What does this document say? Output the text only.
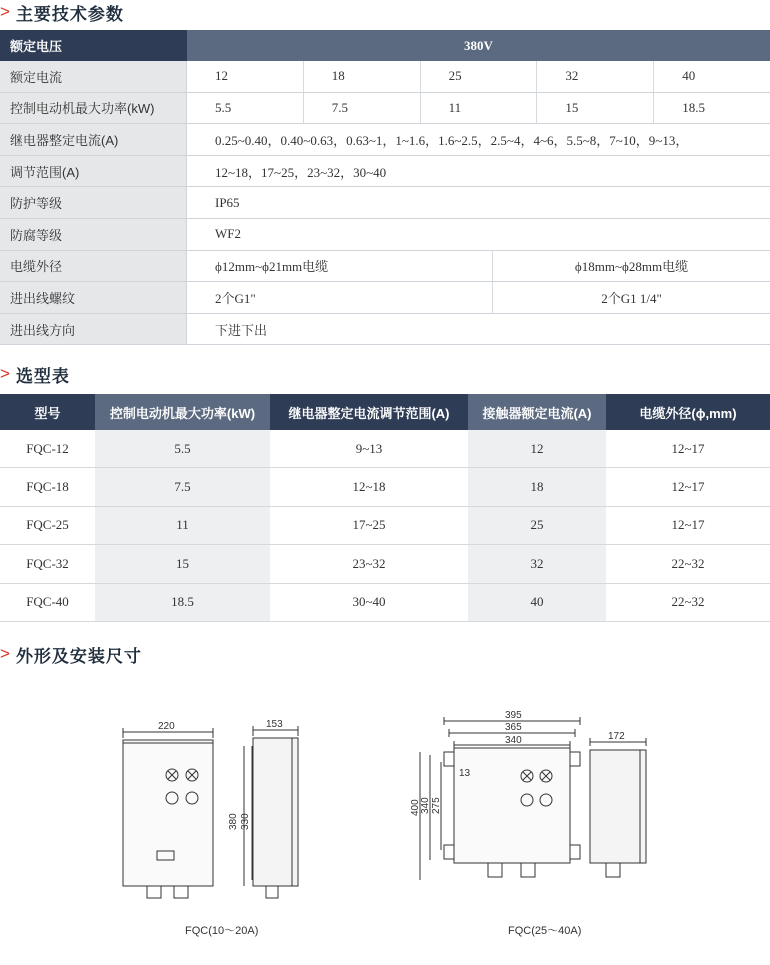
> 主要技术参数
额定电压	380V
额定电流	12	18	25	32	40
控制电动机最大功率(kW)	5.5	7.5	11	15	18.5
继电器整定电流(A)	0.25~0.40，0.40~0.63，0.63~1，1~1.6，1.6~2.5，2.5~4，4~6，5.5~8，7~10，9~13，
调节范围(A)	12~18，17~25，23~32，30~40
防护等级	IP65
防腐等级	WF2
电缆外径	ϕ12mm~ϕ21mm电缆	ϕ18mm~ϕ28mm电缆
进出线螺纹	2个G1"	2个G1 1/4"
进出线方向	下进下出
> 选型表
型号	控制电动机最大功率(kW)	继电器整定电流调节范围(A)	接触器额定电流(A)	电缆外径(ϕ,mm)
FQC-12	5.5	9~13	12	12~17
FQC-18	7.5	12~18	18	12~17
FQC-25	11	17~25	25	12~17
FQC-32	15	23~32	32	22~32
FQC-40	18.5	30~40	40	22~32
> 外形及安装尺寸
220	153
380 330
395
365
340	172
400 340 275
13
FQC(10～20A)	FQC(25～40A)
